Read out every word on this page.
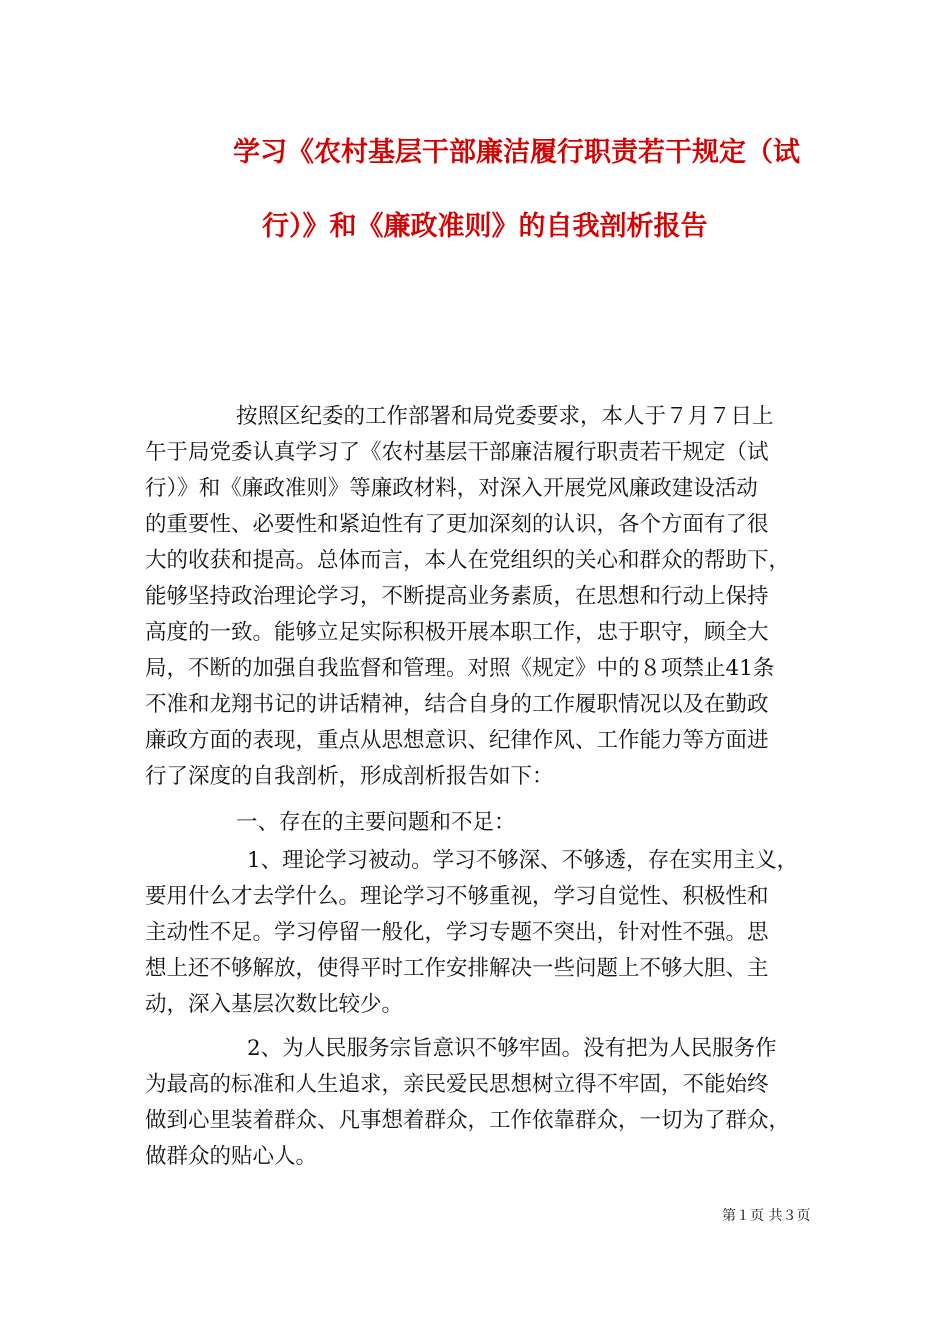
学习《农村基层干部廉洁履行职责若干规定（试
行）》和《廉政准则》的自我剖析报告
按照区纪委的工作部署和局党委要求，本人于７月７日上
午于局党委认真学习了《农村基层干部廉洁履行职责若干规定（试
行）》和《廉政准则》等廉政材料，对深入开展党风廉政建设活动
的重要性、必要性和紧迫性有了更加深刻的认识，各个方面有了很
大的收获和提高。总体而言，本人在党组织的关心和群众的帮助下，
能够坚持政治理论学习，不断提高业务素质，在思想和行动上保持
高度的一致。能够立足实际积极开展本职工作，忠于职守，顾全大
局，不断的加强自我监督和管理。对照《规定》中的８项禁止41条
不准和龙翔书记的讲话精神，结合自身的工作履职情况以及在勤政
廉政方面的表现，重点从思想意识、纪律作风、工作能力等方面进
行了深度的自我剖析，形成剖析报告如下：
一、存在的主要问题和不足：
1、理论学习被动。学习不够深、不够透，存在实用主义，
要用什么才去学什么。理论学习不够重视，学习自觉性、积极性和
主动性不足。学习停留一般化，学习专题不突出，针对性不强。思
想上还不够解放，使得平时工作安排解决一些问题上不够大胆、主
动，深入基层次数比较少。
2、为人民服务宗旨意识不够牢固。没有把为人民服务作
为最高的标准和人生追求，亲民爱民思想树立得不牢固，不能始终
做到心里装着群众、凡事想着群众，工作依靠群众，一切为了群众，
做群众的贴心人。
第１页 共３页
